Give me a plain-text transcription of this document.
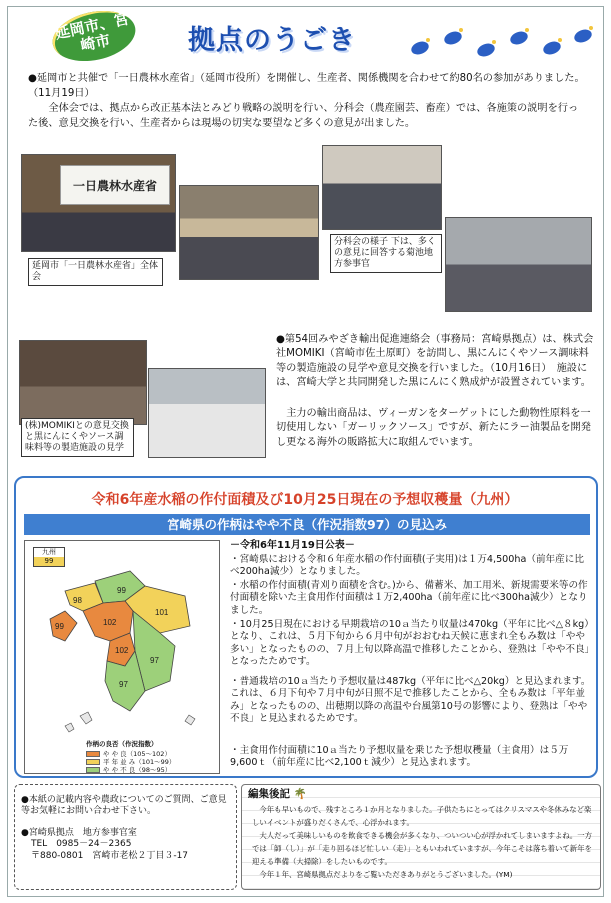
延岡市、宮崎市	拠点のうごき
●延岡市と共催で「一日農林水産省」（延岡市役所）を開催し、生産者、関係機関を合わせて約80名の参加がありました。（11月19日）
全体会では、拠点から改正基本法とみどり戦略の説明を行い、分科会（農産園芸、畜産）では、各施策の説明を行った後、意見交換を行い、生産者からは現場の切実な要望など多くの意見が出ました。
一日農林水産省
延岡市「一日農林水産省」全体会
分科会の様子 下は、多くの意見に回答する菊池地方参事官
(株)MOMIKIとの意見交換と黒にんにくやソース調味料等の製造施設の見学
●第54回みやざき輸出促進連絡会（事務局：宮崎県拠点）は、株式会社MOMIKI（宮崎市佐土原町）を訪問し、黒にんにくやソース調味料等の製造施設の見学や意見交換を行いました。（10月16日）　施設には、宮崎大学と共同開発した黒にんにく熟成炉が設置されています。
主力の輸出商品は、ヴィーガンをターゲットにした動物性原料を一切使用しない「ガーリックソース」ですが、新たにラー油製品を開発し更なる海外の販路拡大に取組んでいます。
令和6年産水稲の作付面積及び10月25日現在の予想収穫量（九州）
宮崎県の作柄はやや不良（作況指数97）の見込み
九州
99
99
98
101
102
102
97
97
99
作柄の良否（作況指数）
や や 良（105～102）
平 年 並 み（101～99）
や や 不 良（98～95）
－令和6年11月19日公表－
・宮崎県における令和６年産水稲の作付面積(子実用)は１万4,500ha（前年産に比べ200ha減少）となりました。
・水稲の作付面積(青刈り面積を含む。)から、備蓄米、加工用米、新規需要米等の作付面積を除いた主食用作付面積は１万2,400ha（前年産に比べ300ha減少）となりました。
・10月25日現在における早期栽培の10ａ当たり収量は470kg（平年に比べ△８kg）となり、これは、５月下旬から６月中旬がおおむね天候に恵まれ全もみ数は「やや多い」となったものの、７月上旬以降高温で推移したことから、登熟は「やや不良」となったためです。
・普通栽培の10ａ当たり予想収量は487kg（平年に比べ△20kg）と見込まれます。これは、６月下旬や７月中旬が日照不足で推移したことから、全もみ数は「平年並み」となったものの、出穂期以降の高温や台風第10号の影響により、登熟は「やや不良」と見込まれるためです。
・主食用作付面積に10ａ当たり予想収量を乗じた予想収穫量（主食用）は５万9,600ｔ（前年産に比べ2,100ｔ減少）と見込まれます。
●本紙の記載内容や農政についてのご質問、ご意見等お気軽にお問い合わせ下さい。
●宮崎県拠点　地方参事官室
TEL　0985－24－2365
〒880-0801　宮崎市老松２丁目３-17
今年も早いもので、残すところ１か月となりました。子供たちにとってはクリスマスや冬休みなど楽しいイベントが盛りだくさんで、心浮かれます。
大人だって美味しいものを飲食できる機会が多くなり、ついつい心が浮かれてしまいますよね。一方では「師（し）」が「走り回るほど忙しい（走）」ともいわれていますが、今年こそは落ち着いて新年を迎える準備（大掃除）をしたいものです。
今年１年、宮崎県拠点だよりをご覧いただきありがとうございました。(YM)
編集後記 🌴
